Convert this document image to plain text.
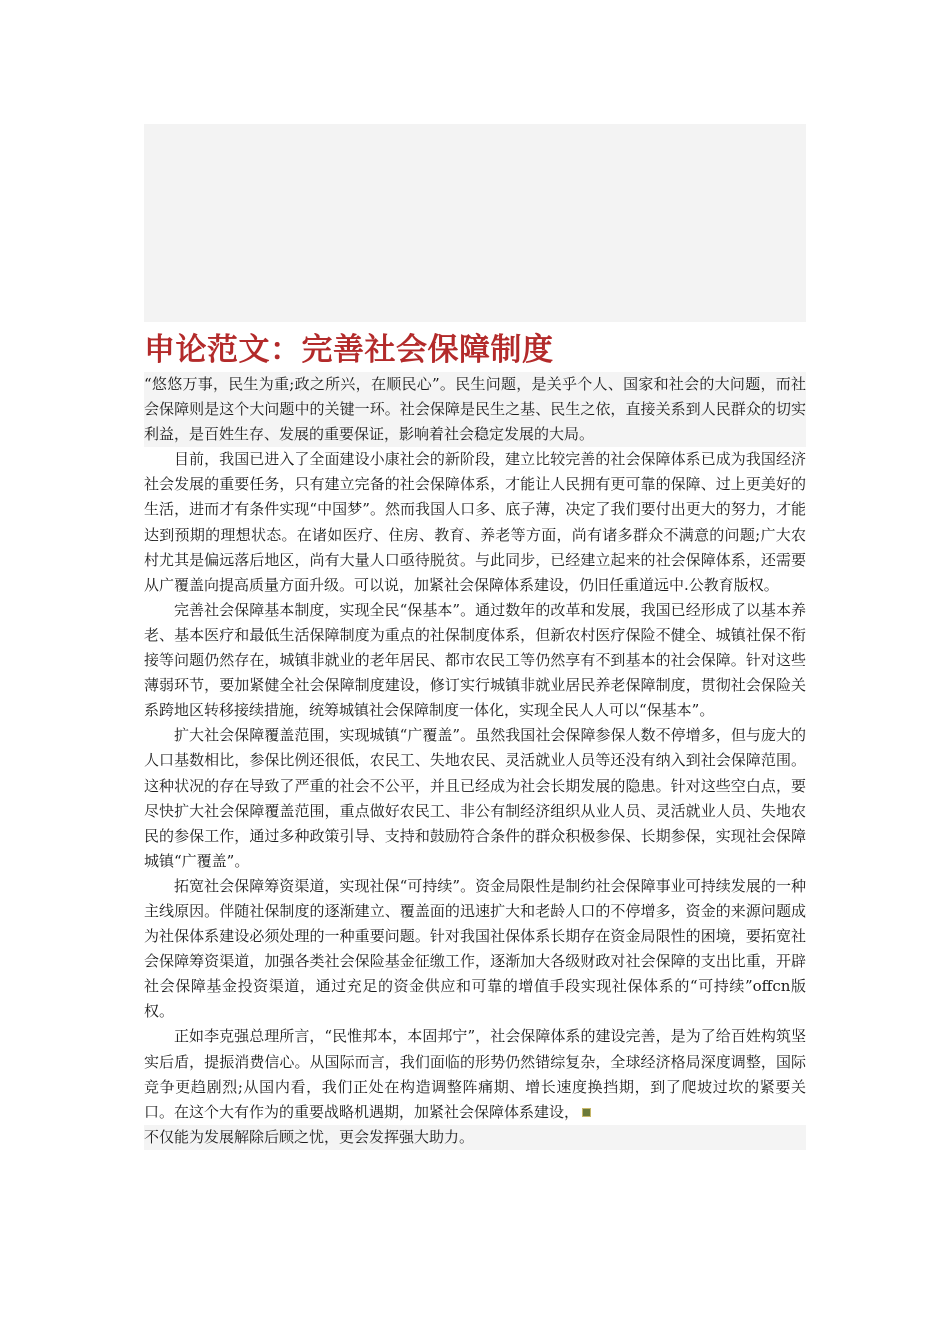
申论范文：完善社会保障制度

“悠悠万事，民生为重;政之所兴，在顺民心”。民生问题，是关乎个人、国家和社会的大问题，而社会保障则是这个大问题中的关键一环。社会保障是民生之基、民生之依，直接关系到人民群众的切实利益，是百姓生存、发展的重要保证，影响着社会稳定发展的大局。

目前，我国已进入了全面建设小康社会的新阶段，建立比较完善的社会保障体系已成为我国经济社会发展的重要任务，只有建立完备的社会保障体系，才能让人民拥有更可靠的保障、过上更美好的生活，进而才有条件实现“中国梦”。然而我国人口多、底子薄，决定了我们要付出更大的努力，才能达到预期的理想状态。在诸如医疗、住房、教育、养老等方面，尚有诸多群众不满意的问题;广大农村尤其是偏远落后地区，尚有大量人口亟待脱贫。与此同步，已经建立起来的社会保障体系，还需要从广覆盖向提高质量方面升级。可以说，加紧社会保障体系建设，仍旧任重道远中.公教育版权。

完善社会保障基本制度，实现全民“保基本”。通过数年的改革和发展，我国已经形成了以基本养老、基本医疗和最低生活保障制度为重点的社保制度体系，但新农村医疗保险不健全、城镇社保不衔接等问题仍然存在，城镇非就业的老年居民、都市农民工等仍然享有不到基本的社会保障。针对这些薄弱环节，要加紧健全社会保障制度建设，修订实行城镇非就业居民养老保障制度，贯彻社会保险关系跨地区转移接续措施，统筹城镇社会保障制度一体化，实现全民人人可以“保基本”。

扩大社会保障覆盖范围，实现城镇“广覆盖”。虽然我国社会保障参保人数不停增多，但与庞大的人口基数相比，参保比例还很低，农民工、失地农民、灵活就业人员等还没有纳入到社会保障范围。这种状况的存在导致了严重的社会不公平，并且已经成为社会长期发展的隐患。针对这些空白点，要尽快扩大社会保障覆盖范围，重点做好农民工、非公有制经济组织从业人员、灵活就业人员、失地农民的参保工作，通过多种政策引导、支持和鼓励符合条件的群众积极参保、长期参保，实现社会保障城镇“广覆盖”。

拓宽社会保障筹资渠道，实现社保“可持续”。资金局限性是制约社会保障事业可持续发展的一种主线原因。伴随社保制度的逐渐建立、覆盖面的迅速扩大和老龄人口的不停增多，资金的来源问题成为社保体系建设必须处理的一种重要问题。针对我国社保体系长期存在资金局限性的困境，要拓宽社会保障筹资渠道，加强各类社会保险基金征缴工作，逐渐加大各级财政对社会保障的支出比重，开辟社会保障基金投资渠道，通过充足的资金供应和可靠的增值手段实现社保体系的“可持续”offcn版权。

正如李克强总理所言，“民惟邦本，本固邦宁”，社会保障体系的建设完善，是为了给百姓构筑坚实后盾，提振消费信心。从国际而言，我们面临的形势仍然错综复杂，全球经济格局深度调整，国际竞争更趋剧烈;从国内看，我们正处在构造调整阵痛期、增长速度换挡期，到了爬坡过坎的紧要关口。在这个大有作为的重要战略机遇期，加紧社会保障体系建设，

不仅能为发展解除后顾之忧，更会发挥强大助力。
